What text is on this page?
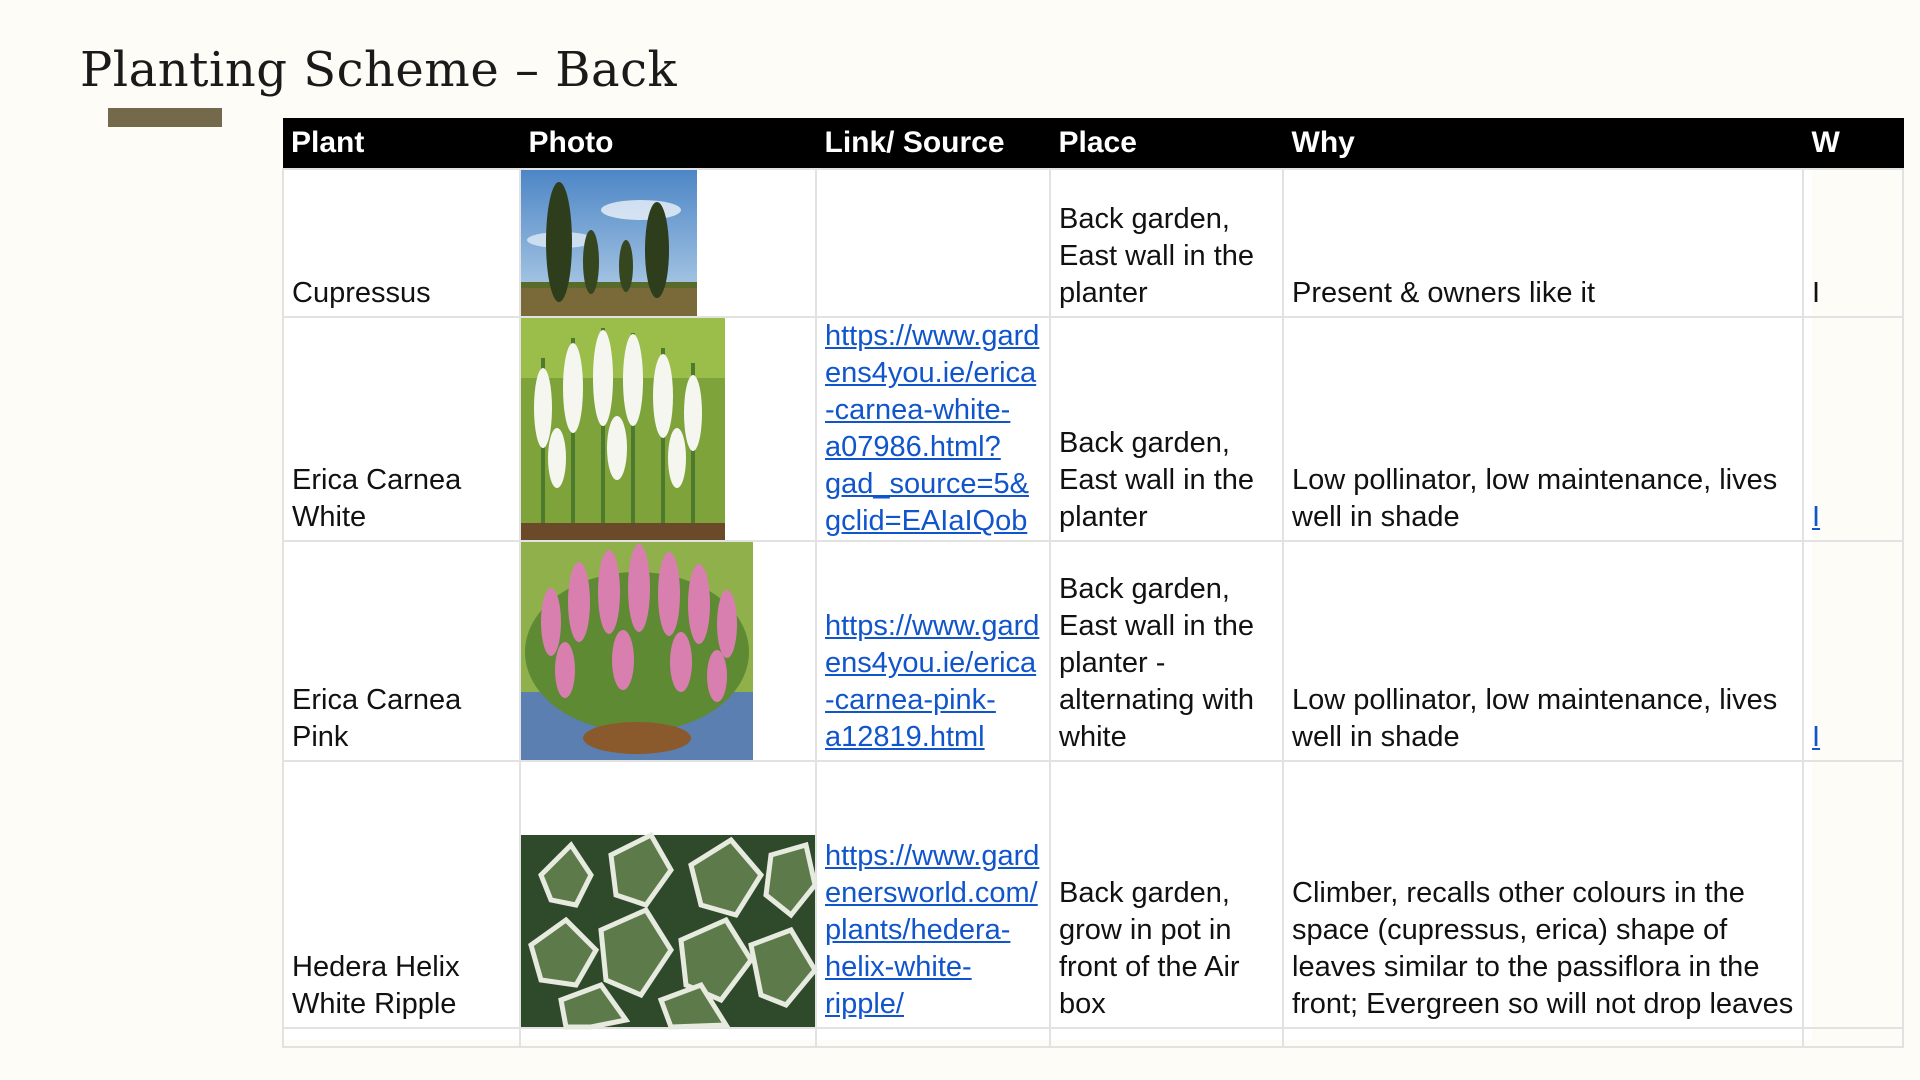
Planting Scheme – Back
Plant	Photo	Link/ Source	Place	Why	W
Cupressus			Back garden, East wall in the planter	Present & owners like it	I
Erica Carnea White		https://www.gardens4you.ie/erica-carnea-white-a07986.html?gad_source=5&gclid=EAIaIQob	Back garden, East wall in the planter	Low pollinator, low maintenance, lives well in shade	I
Erica Carnea Pink		https://www.gardens4you.ie/erica-carnea-pink-a12819.html	Back garden, East wall in the planter - alternating with white	Low pollinator, low maintenance, lives well in shade	I
Hedera Helix White Ripple		https://www.gardenersworld.com/plants/hedera-helix-white-ripple/	Back garden, grow in pot in front of the Air box	Climber, recalls other colours in the space (cupressus, erica) shape of leaves similar to the passiflora in the front; Evergreen so will not drop leaves	
